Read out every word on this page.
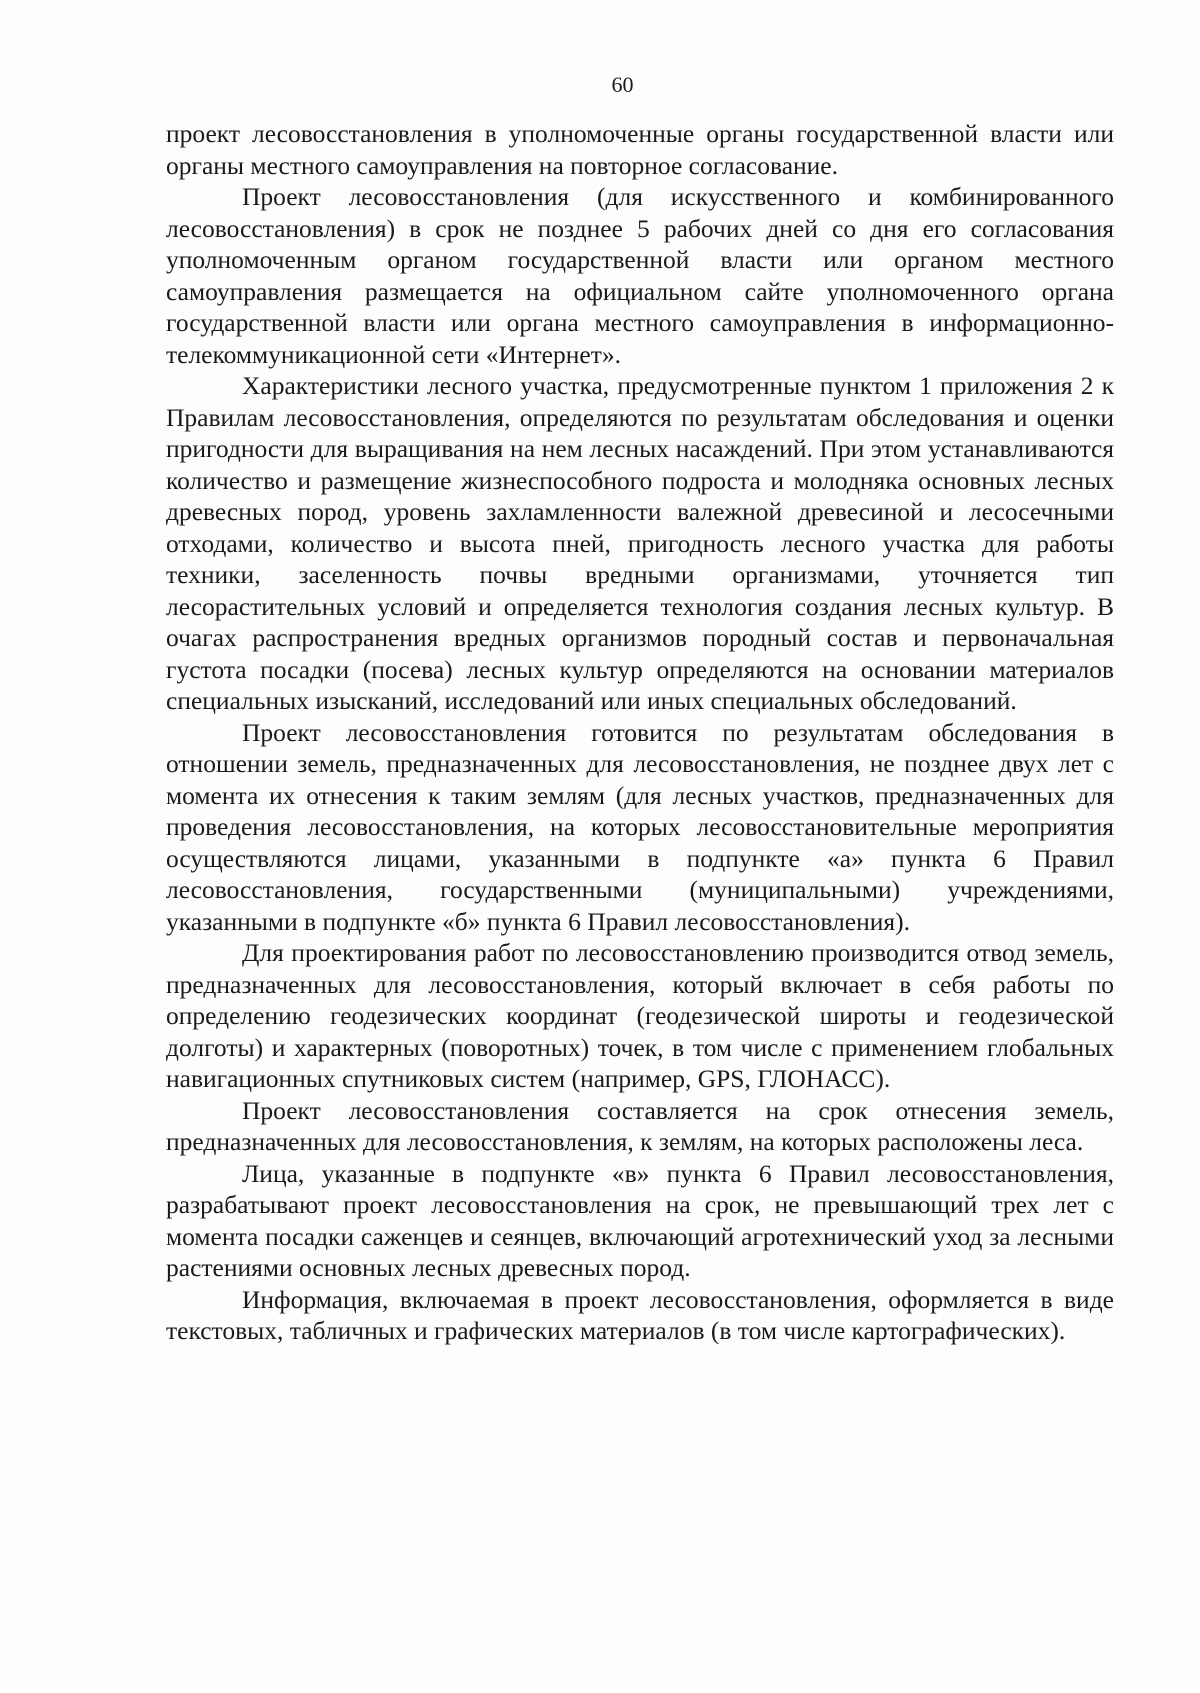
60

проект лесовосстановления в уполномоченные органы государственной власти или органы местного самоуправления на повторное согласование.

Проект лесовосстановления (для искусственного и комбинированного лесовосстановления) в срок не позднее 5 рабочих дней со дня его согласования уполномоченным органом государственной власти или органом местного самоуправления размещается на официальном сайте уполномоченного органа государственной власти или органа местного самоуправления в информационно-телекоммуникационной сети «Интернет».

Характеристики лесного участка, предусмотренные пунктом 1 приложения 2 к Правилам лесовосстановления, определяются по результатам обследования и оценки пригодности для выращивания на нем лесных насаждений. При этом устанавливаются количество и размещение жизнеспособного подроста и молодняка основных лесных древесных пород, уровень захламленности валежной древесиной и лесосечными отходами, количество и высота пней, пригодность лесного участка для работы техники, заселенность почвы вредными организмами, уточняется тип лесорастительных условий и определяется технология создания лесных культур. В очагах распространения вредных организмов породный состав и первоначальная густота посадки (посева) лесных культур определяются на основании материалов специальных изысканий, исследований или иных специальных обследований.

Проект лесовосстановления готовится по результатам обследования в отношении земель, предназначенных для лесовосстановления, не позднее двух лет с момента их отнесения к таким землям (для лесных участков, предназначенных для проведения лесовосстановления, на которых лесовосстановительные мероприятия осуществляются лицами, указанными в подпункте «а» пункта 6 Правил лесовосстановления, государственными (муниципальными) учреждениями, указанными в подпункте «б» пункта 6 Правил лесовосстановления).

Для проектирования работ по лесовосстановлению производится отвод земель, предназначенных для лесовосстановления, который включает в себя работы по определению геодезических координат (геодезической широты и геодезической долготы) и характерных (поворотных) точек, в том числе с применением глобальных навигационных спутниковых систем (например, GPS, ГЛОНАСС).

Проект лесовосстановления составляется на срок отнесения земель, предназначенных для лесовосстановления, к землям, на которых расположены леса.

Лица, указанные в подпункте «в» пункта 6 Правил лесовосстановления, разрабатывают проект лесовосстановления на срок, не превышающий трех лет с момента посадки саженцев и сеянцев, включающий агротехнический уход за лесными растениями основных лесных древесных пород.

Информация, включаемая в проект лесовосстановления, оформляется в виде текстовых, табличных и графических материалов (в том числе картографических).
